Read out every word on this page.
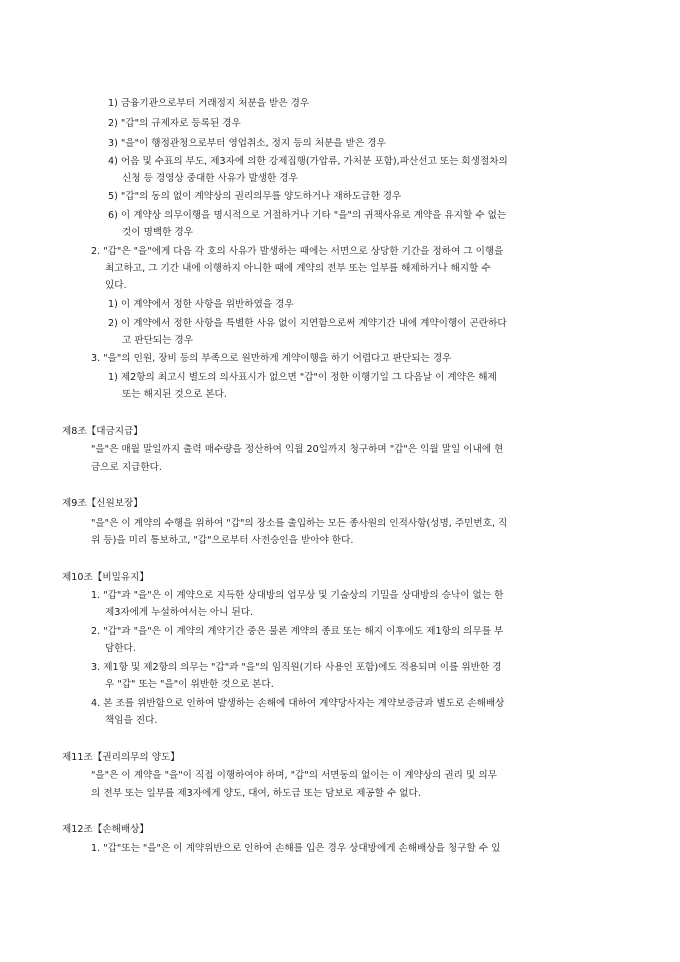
1) 금융기관으로부터 거래정지 처분을 받은 경우
2) "갑"의 규제자로 등록된 경우
3) "을"이 행정관청으로부터 영업취소, 정지 등의 처분을 받은 경우
4) 어음 및 수표의 부도, 제3자에 의한 강제집행(가압류, 가처분 포함),파산선고 또는 회생절차의
신청 등 경영상 중대한 사유가 발생한 경우
5) "갑"의 동의 없이 계약상의 권리의무를 양도하거나 재하도급한 경우
6) 이 계약상 의무이행을 명시적으로 거절하거나 기타 "을"의 귀책사유로 계약을 유지할 수 없는
것이 명백한 경우
2. "갑"은 "을"에게 다음 각 호의 사유가 발생하는 때에는 서면으로 상당한 기간을 정하여 그 이행을
최고하고, 그 기간 내에 이행하지 아니한 때에 계약의 전부 또는 일부를 해제하거나 해지할 수
있다.
1) 이 계약에서 정한 사항을 위반하였을 경우
2) 이 계약에서 정한 사항을 특별한 사유 없이 지연함으로써 계약기간 내에 계약이행이 곤란하다
고 판단되는 경우
3. "을"의 인원, 장비 등의 부족으로 원만하게 계약이행을 하기 어렵다고 판단되는 경우
1) 제2항의 최고시 별도의 의사표시가 없으면 "갑"이 정한 이행기일 그 다음날 이 계약은 해제
또는 해지된 것으로 본다.
제8조【대금지급】
"을"은 매월 말일까지 출력 매수량을 정산하여 익월 20일까지 청구하며 "갑"은 익월 말일 이내에 현
금으로 지급한다.
제9조【신원보장】
"을"은 이 계약의 수행을 위하여 "갑"의 장소를 출입하는 모든 종사원의 인적사항(성명, 주민번호, 직
위 등)을 미리 통보하고, "갑"으로부터 사전승인을 받아야 한다.
제10조【비밀유지】
1. "갑"과 "을"은 이 계약으로 지득한 상대방의 업무상 및 기술상의 기밀을 상대방의 승낙이 없는 한
제3자에게 누설하여서는 아니 된다.
2. "갑"과 "을"은 이 계약의 계약기간 중은 물론 계약의 종료 또는 해지 이후에도 제1항의 의무를 부
담한다.
3. 제1항 및 제2항의 의무는 "갑"과 "을"의 임직원(기타 사용인 포함)에도 적용되며 이를 위반한 경
우 "갑" 또는 "을"이 위반한 것으로 본다.
4. 본 조를 위반함으로 인하여 발생하는 손해에 대하여 계약당사자는 계약보증금과 별도로 손해배상
책임을 진다.
제11조【권리의무의 양도】
"을"은 이 계약을 "을"이 직접 이행하여야 하며, "갑"의 서면동의 없이는 이 계약상의 권리 및 의무
의 전부 또는 일부를 제3자에게 양도, 대여, 하도급 또는 담보로 제공할 수 없다.
제12조【손해배상】
1. "갑"또는 "을"은 이 계약위반으로 인하여 손해를 입은 경우 상대방에게 손해배상을 청구할 수 있
